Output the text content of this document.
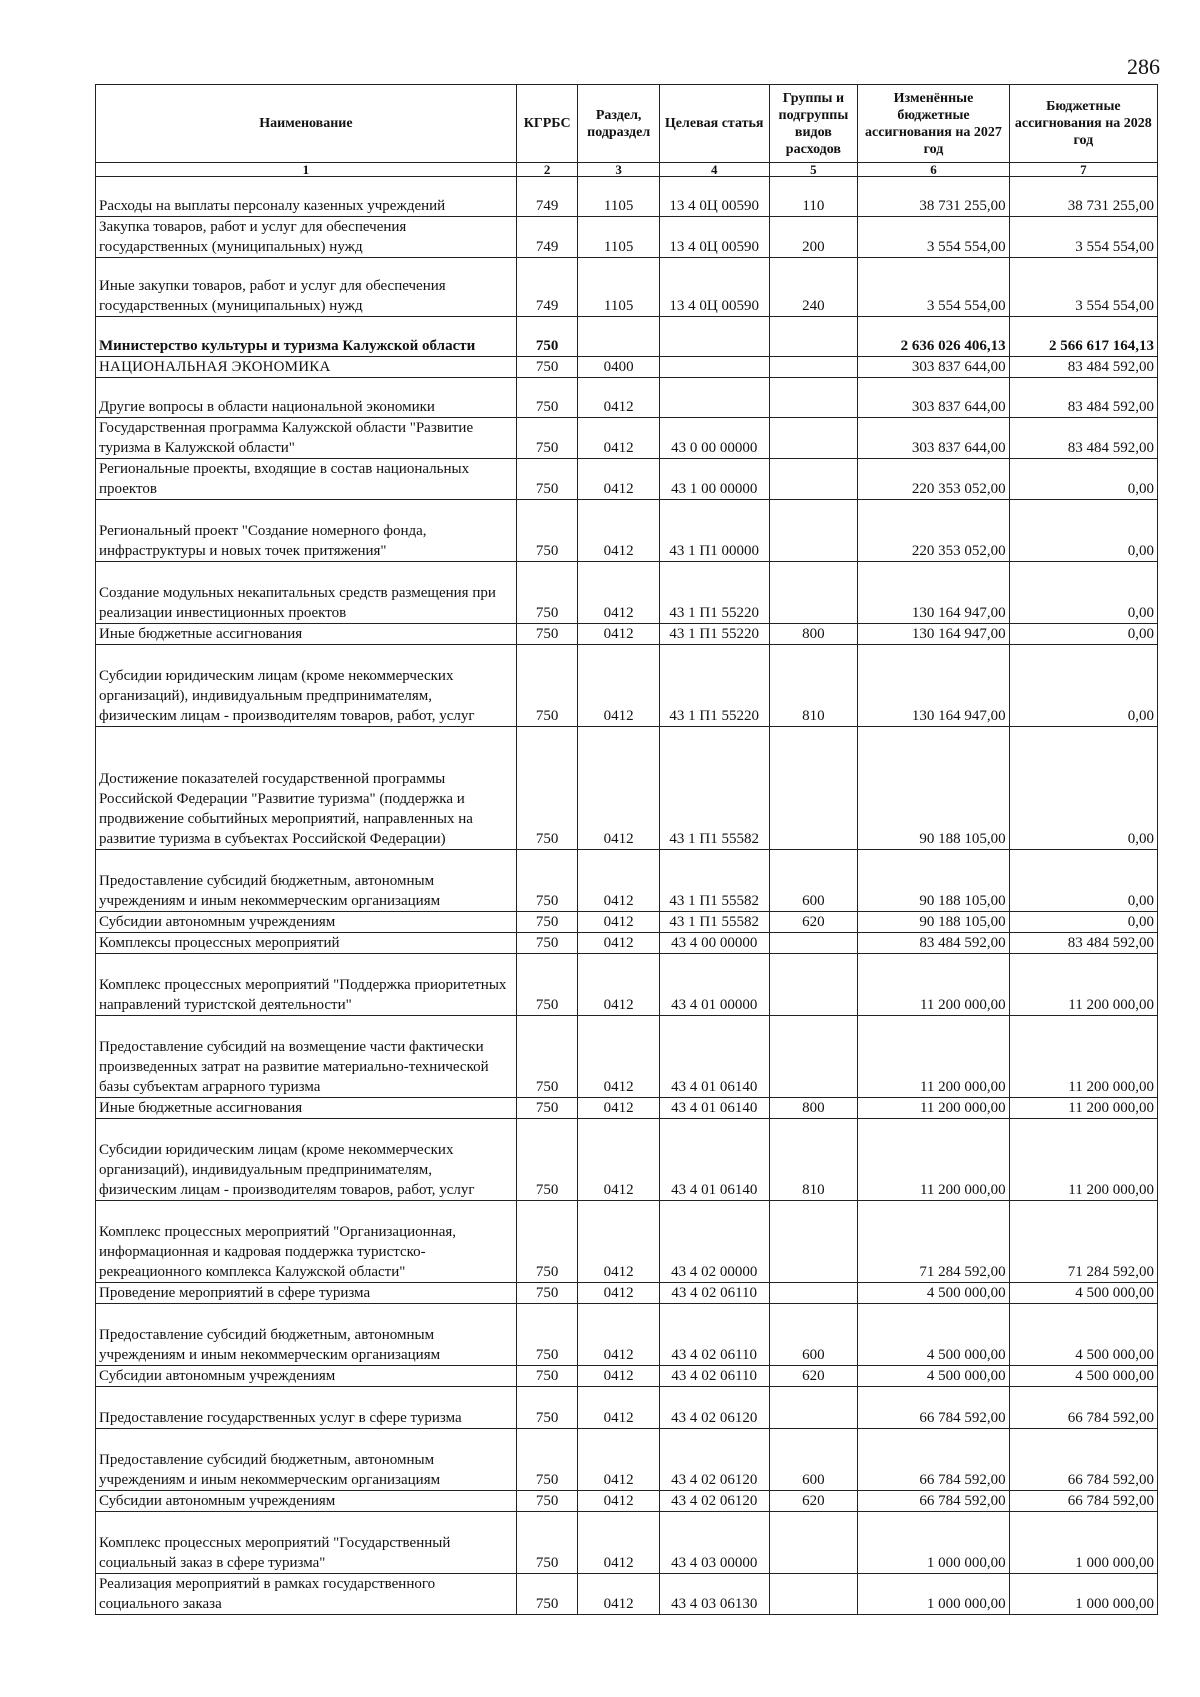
286
Наименование	КГРБС	Раздел, подраздел	Целевая статья	Группы и подгруппы видов расходов	Изменённые бюджетные ассигнования на 2027 год	Бюджетные ассигнования на 2028 год
1	2	3	4	5	6	7
Расходы на выплаты персоналу казенных учреждений	749	1105	13 4 0Ц 00590	110	38 731 255,00	38 731 255,00
Закупка товаров, работ и услуг для обеспечения государственных (муниципальных) нужд	749	1105	13 4 0Ц 00590	200	3 554 554,00	3 554 554,00
Иные закупки товаров, работ и услуг для обеспечения государственных (муниципальных) нужд	749	1105	13 4 0Ц 00590	240	3 554 554,00	3 554 554,00
Министерство культуры и туризма Калужской области	750				2 636 026 406,13	2 566 617 164,13
НАЦИОНАЛЬНАЯ ЭКОНОМИКА	750	0400			303 837 644,00	83 484 592,00
Другие вопросы в области национальной экономики	750	0412			303 837 644,00	83 484 592,00
Государственная программа Калужской области "Развитие туризма в Калужской области"	750	0412	43 0 00 00000		303 837 644,00	83 484 592,00
Региональные проекты, входящие в состав национальных проектов	750	0412	43 1 00 00000		220 353 052,00	0,00
Региональный проект "Создание номерного фонда, инфраструктуры и новых точек притяжения"	750	0412	43 1 П1 00000		220 353 052,00	0,00
Создание модульных некапитальных средств размещения при реализации инвестиционных проектов	750	0412	43 1 П1 55220		130 164 947,00	0,00
Иные бюджетные ассигнования	750	0412	43 1 П1 55220	800	130 164 947,00	0,00
Субсидии юридическим лицам (кроме некоммерческих организаций), индивидуальным предпринимателям, физическим лицам - производителям товаров, работ, услуг	750	0412	43 1 П1 55220	810	130 164 947,00	0,00
Достижение показателей государственной программы Российской Федерации "Развитие туризма" (поддержка и продвижение событийных мероприятий, направленных на развитие туризма в субъектах Российской Федерации)	750	0412	43 1 П1 55582		90 188 105,00	0,00
Предоставление субсидий бюджетным, автономным учреждениям и иным некоммерческим организациям	750	0412	43 1 П1 55582	600	90 188 105,00	0,00
Субсидии автономным учреждениям	750	0412	43 1 П1 55582	620	90 188 105,00	0,00
Комплексы процессных мероприятий	750	0412	43 4 00 00000		83 484 592,00	83 484 592,00
Комплекс процессных мероприятий "Поддержка приоритетных направлений туристской деятельности"	750	0412	43 4 01 00000		11 200 000,00	11 200 000,00
Предоставление субсидий на возмещение части фактически произведенных затрат на развитие материально-технической базы субъектам аграрного туризма	750	0412	43 4 01 06140		11 200 000,00	11 200 000,00
Иные бюджетные ассигнования	750	0412	43 4 01 06140	800	11 200 000,00	11 200 000,00
Субсидии юридическим лицам (кроме некоммерческих организаций), индивидуальным предпринимателям, физическим лицам - производителям товаров, работ, услуг	750	0412	43 4 01 06140	810	11 200 000,00	11 200 000,00
Комплекс процессных мероприятий "Организационная, информационная и кадровая поддержка туристско-рекреационного комплекса Калужской области"	750	0412	43 4 02 00000		71 284 592,00	71 284 592,00
Проведение мероприятий в сфере туризма	750	0412	43 4 02 06110		4 500 000,00	4 500 000,00
Предоставление субсидий бюджетным, автономным учреждениям и иным некоммерческим организациям	750	0412	43 4 02 06110	600	4 500 000,00	4 500 000,00
Субсидии автономным учреждениям	750	0412	43 4 02 06110	620	4 500 000,00	4 500 000,00
Предоставление государственных услуг в сфере туризма	750	0412	43 4 02 06120		66 784 592,00	66 784 592,00
Предоставление субсидий бюджетным, автономным учреждениям и иным некоммерческим организациям	750	0412	43 4 02 06120	600	66 784 592,00	66 784 592,00
Субсидии автономным учреждениям	750	0412	43 4 02 06120	620	66 784 592,00	66 784 592,00
Комплекс процессных мероприятий "Государственный социальный заказ в сфере туризма"	750	0412	43 4 03 00000		1 000 000,00	1 000 000,00
Реализация мероприятий в рамках государственного социального заказа	750	0412	43 4 03 06130		1 000 000,00	1 000 000,00
